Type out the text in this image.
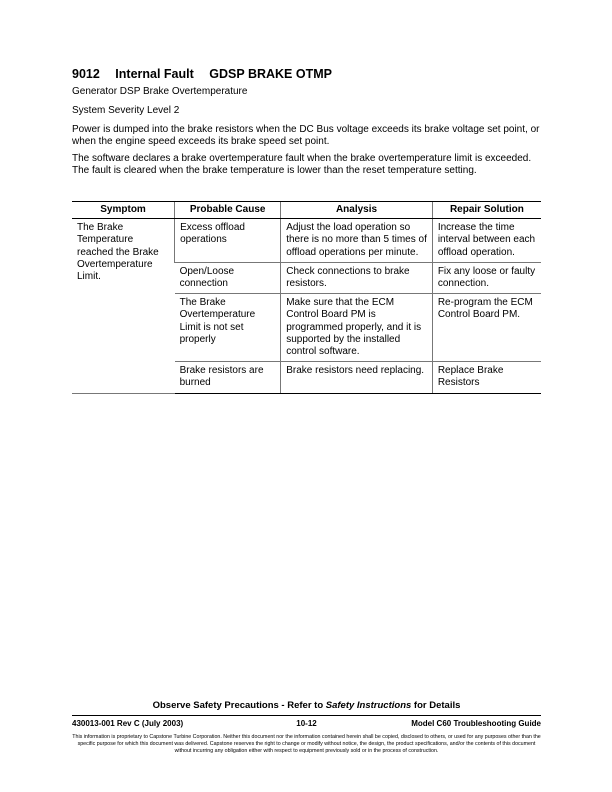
9012 Internal Fault GDSP BRAKE OTMP
Generator DSP Brake Overtemperature
System Severity Level 2
Power is dumped into the brake resistors when the DC Bus voltage exceeds its brake voltage set point, or when the engine speed exceeds its brake speed set point.
The software declares a brake overtemperature fault when the brake overtemperature limit is exceeded. The fault is cleared when the brake temperature is lower than the reset temperature setting.
Symptom	Probable Cause	Analysis	Repair Solution
The Brake Temperature reached the Brake Overtemperature Limit.	Excess offload operations	Adjust the load operation so there is no more than 5 times of offload operations per minute.	Increase the time interval between each offload operation.
	Open/Loose connection	Check connections to brake resistors.	Fix any loose or faulty connection.
	The Brake Overtemperature Limit is not set properly	Make sure that the ECM Control Board PM is programmed properly, and it is supported by the installed control software.	Re-program the ECM Control Board PM.
	Brake resistors are burned	Brake resistors need replacing.	Replace Brake Resistors
Observe Safety Precautions - Refer to Safety Instructions for Details
430013-001 Rev C (July 2003)	10-12	Model C60 Troubleshooting Guide
This information is proprietary to Capstone Turbine Corporation. Neither this document nor the information contained herein shall be copied, disclosed to others, or used for any purposes other than the specific purpose for which this document was delivered. Capstone reserves the right to change or modify without notice, the design, the product specifications, and/or the contents of this document without incurring any obligation either with respect to equipment previously sold or in the process of construction.
